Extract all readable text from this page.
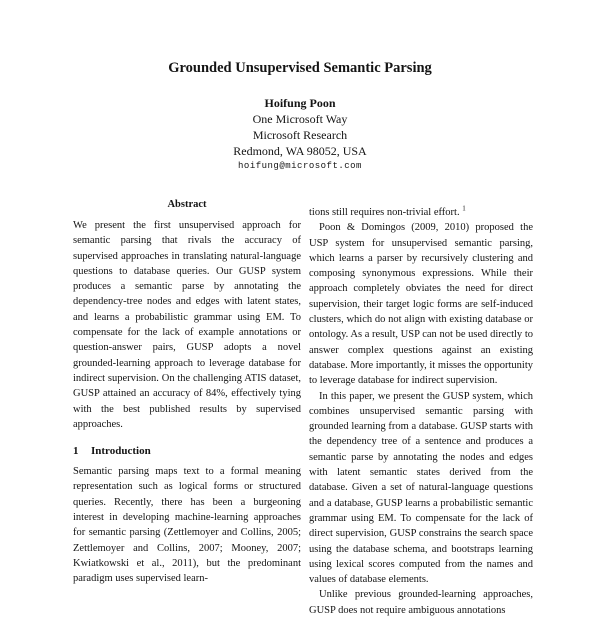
Grounded Unsupervised Semantic Parsing
Hoifung Poon
One Microsoft Way
Microsoft Research
Redmond, WA 98052, USA
hoifung@microsoft.com
Abstract

We present the first unsupervised approach for semantic parsing that rivals the accuracy of supervised approaches in translating natural-language questions to database queries. Our GUSP system produces a semantic parse by annotating the dependency-tree nodes and edges with latent states, and learns a probabilistic grammar using EM. To compensate for the lack of example annotations or question-answer pairs, GUSP adopts a novel grounded-learning approach to leverage database for indirect supervision. On the challenging ATIS dataset, GUSP attained an accuracy of 84%, effectively tying with the best published results by supervised approaches.

1 Introduction

Semantic parsing maps text to a formal meaning representation such as logical forms or structured queries. Recently, there has been a burgeoning interest in developing machine-learning approaches for semantic parsing (Zettlemoyer and Collins, 2005; Zettlemoyer and Collins, 2007; Mooney, 2007; Kwiatkowski et al., 2011), but the predominant paradigm uses supervised learn-

tions still requires non-trivial effort. $^1$

Poon & Domingos (2009, 2010) proposed the USP system for unsupervised semantic parsing, which learns a parser by recursively clustering and composing synonymous expressions. While their approach completely obviates the need for direct supervision, their target logic forms are self-induced clusters, which do not align with existing database or ontology. As a result, USP can not be used directly to answer complex questions against an existing database. More importantly, it misses the opportunity to leverage database for indirect supervision.

In this paper, we present the GUSP system, which combines unsupervised semantic parsing with grounded learning from a database. GUSP starts with the dependency tree of a sentence and produces a semantic parse by annotating the nodes and edges with latent semantic states derived from the database. Given a set of natural-language questions and a database, GUSP learns a probabilistic semantic grammar using EM. To compensate for the lack of direct supervision, GUSP constrains the search space using the database schema, and bootstraps learning using lexical scores computed from the names and values of database elements.

Unlike previous grounded-learning approaches, GUSP does not require ambiguous annotations
